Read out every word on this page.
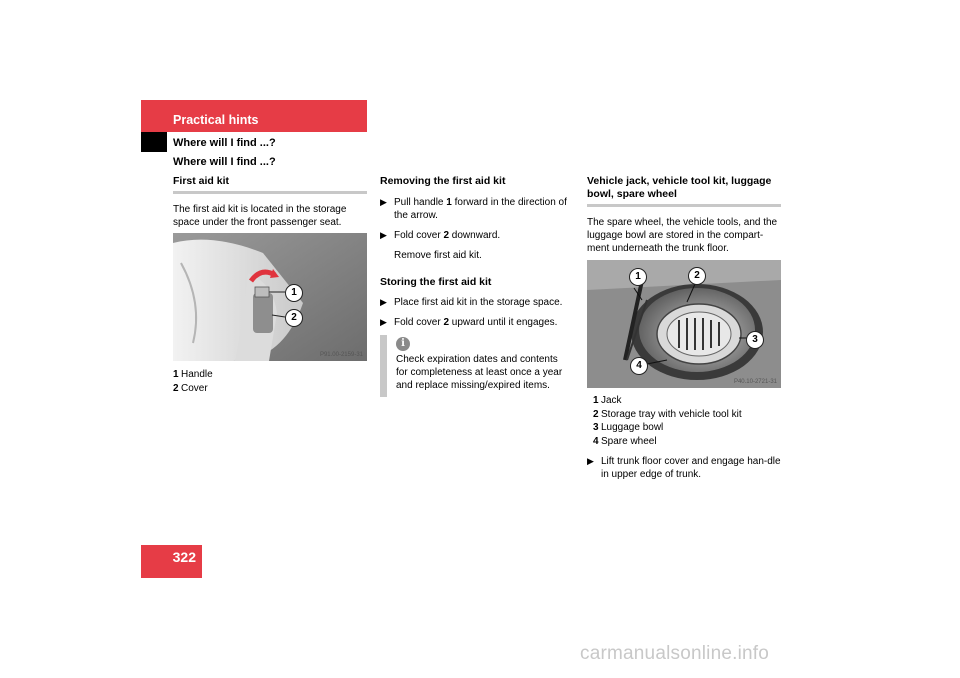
Practical hints
Where will I find ...?
Where will I find ...?
First aid kit
The first aid kit is located in the storage space under the front passenger seat.
1
2
P91.00-2159-31
1 Handle
2 Cover
Removing the first aid kit
▶ Pull handle 1 forward in the direction of the arrow.
▶ Fold cover 2 downward.
Remove first aid kit.
Storing the first aid kit
▶ Place first aid kit in the storage space.
▶ Fold cover 2 upward until it engages.
i
Check expiration dates and contents for completeness at least once a year and replace missing/expired items.
Vehicle jack, vehicle tool kit, luggage bowl, spare wheel
The spare wheel, the vehicle tools, and the luggage bowl are stored in the compart-ment underneath the trunk floor.
1	2
3
4
P40.10-2721-31
1 Jack
2 Storage tray with vehicle tool kit
3 Luggage bowl
4 Spare wheel
▶ Lift trunk floor cover and engage han-dle in upper edge of trunk.
322
carmanualsonline.info
